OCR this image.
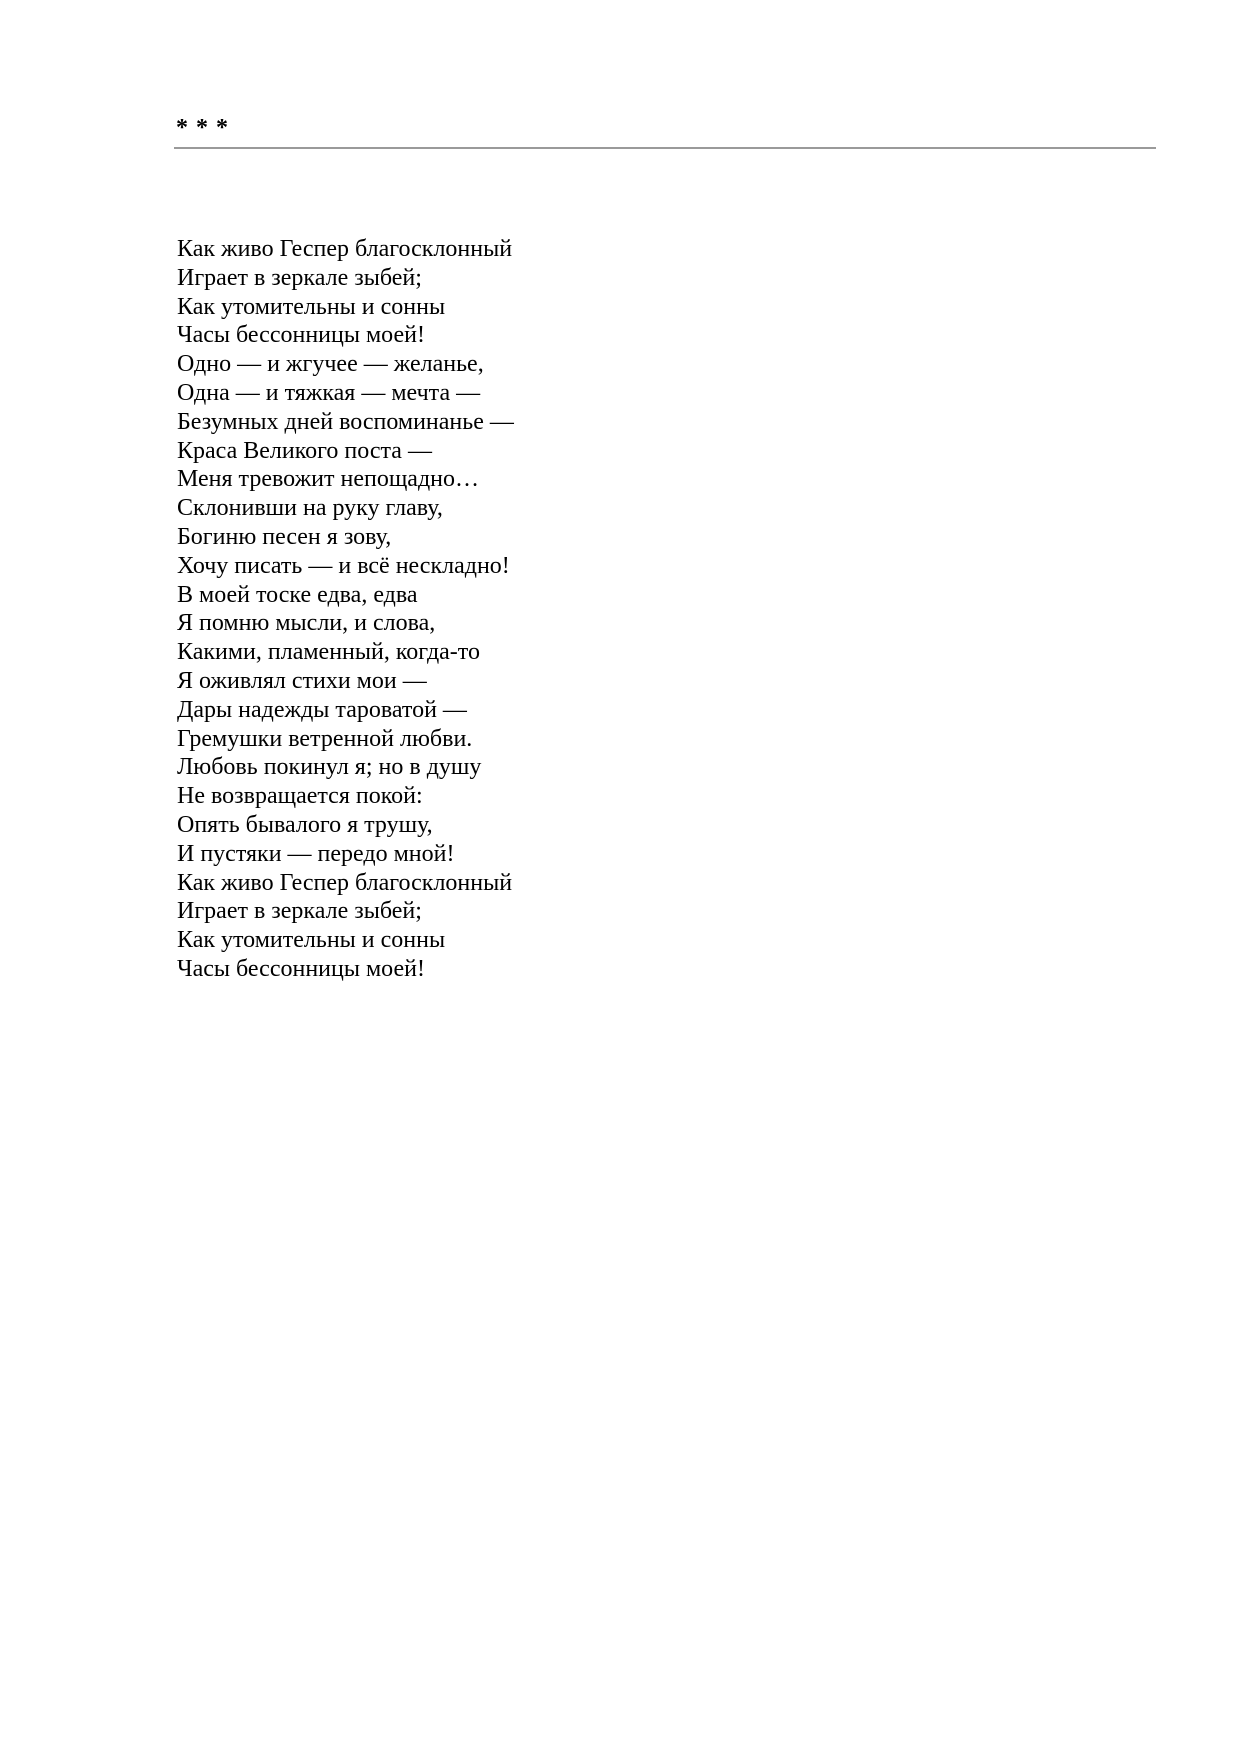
* * *
Как живо Геспер благосклонный
Играет в зеркале зыбей;
Как утомительны и сонны
Часы бессонницы моей!
Одно — и жгучее — желанье,
Одна — и тяжкая — мечта —
Безумных дней воспоминанье —
Краса Великого поста —
Меня тревожит непощадно…
Склонивши на руку главу,
Богиню песен я зову,
Хочу писать — и всё нескладно!
В моей тоске едва, едва
Я помню мысли, и слова,
Какими, пламенный, когда-то
Я оживлял стихи мои —
Дары надежды тароватой —
Гремушки ветренной любви.
Любовь покинул я; но в душу
Не возвращается покой:
Опять бывалого я трушу,
И пустяки — передо мной!
Как живо Геспер благосклонный
Играет в зеркале зыбей;
Как утомительны и сонны
Часы бессонницы моей!
